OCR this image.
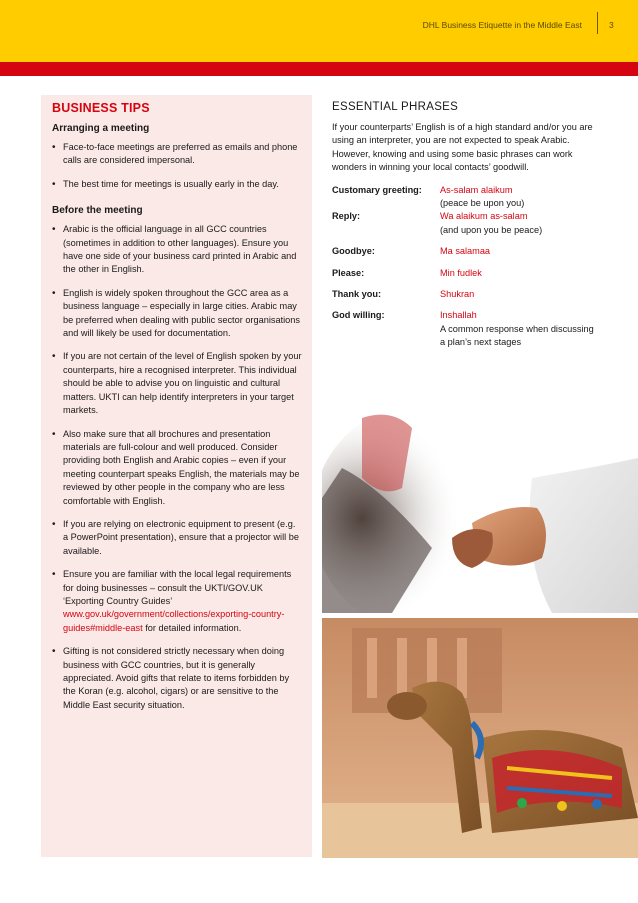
DHL Business Etiquette in the Middle East	3
BUSINESS TIPS
Arranging a meeting
• Face-to-face meetings are preferred as emails and phone calls are considered impersonal.
• The best time for meetings is usually early in the day.
Before the meeting
• Arabic is the official language in all GCC countries (sometimes in addition to other languages). Ensure you have one side of your business card printed in Arabic and the other in English.
• English is widely spoken throughout the GCC area as a business language – especially in large cities. Arabic may be preferred when dealing with public sector organisations and will likely be used for documentation.
• If you are not certain of the level of English spoken by your counterparts, hire a recognised interpreter. This individual should be able to advise you on linguistic and cultural matters. UKTI can help identify interpreters in your target markets.
• Also make sure that all brochures and presentation materials are full-colour and well produced. Consider providing both English and Arabic copies – even if your meeting counterpart speaks English, the materials may be reviewed by other people in the company who are less comfortable with English.
• If you are relying on electronic equipment to present (e.g. a PowerPoint presentation), ensure that a projector will be available.
• Ensure you are familiar with the local legal requirements for doing businesses – consult the UKTI/GOV.UK ‘Exporting Country Guides’ www.gov.uk/government/collections/exporting-country-guides#middle-east for detailed information.
• Gifting is not considered strictly necessary when doing business with GCC countries, but it is generally appreciated. Avoid gifts that relate to items forbidden by the Koran (e.g. alcohol, cigars) or are sensitive to the Middle East security situation.
ESSENTIAL PHRASES
If your counterparts’ English is of a high standard and/or you are using an interpreter, you are not expected to speak Arabic. However, knowing and using some basic phrases can work wonders in winning your local contacts’ goodwill.
Customary greeting:	As-salam alaikum
(peace be upon you)
Reply:	Wa alaikum as-salam
(and upon you be peace)
Goodbye:	Ma salamaa
Please:	Min fudlek
Thank you:	Shukran
God willing:	Inshallah
A common response when discussing a plan’s next stages
